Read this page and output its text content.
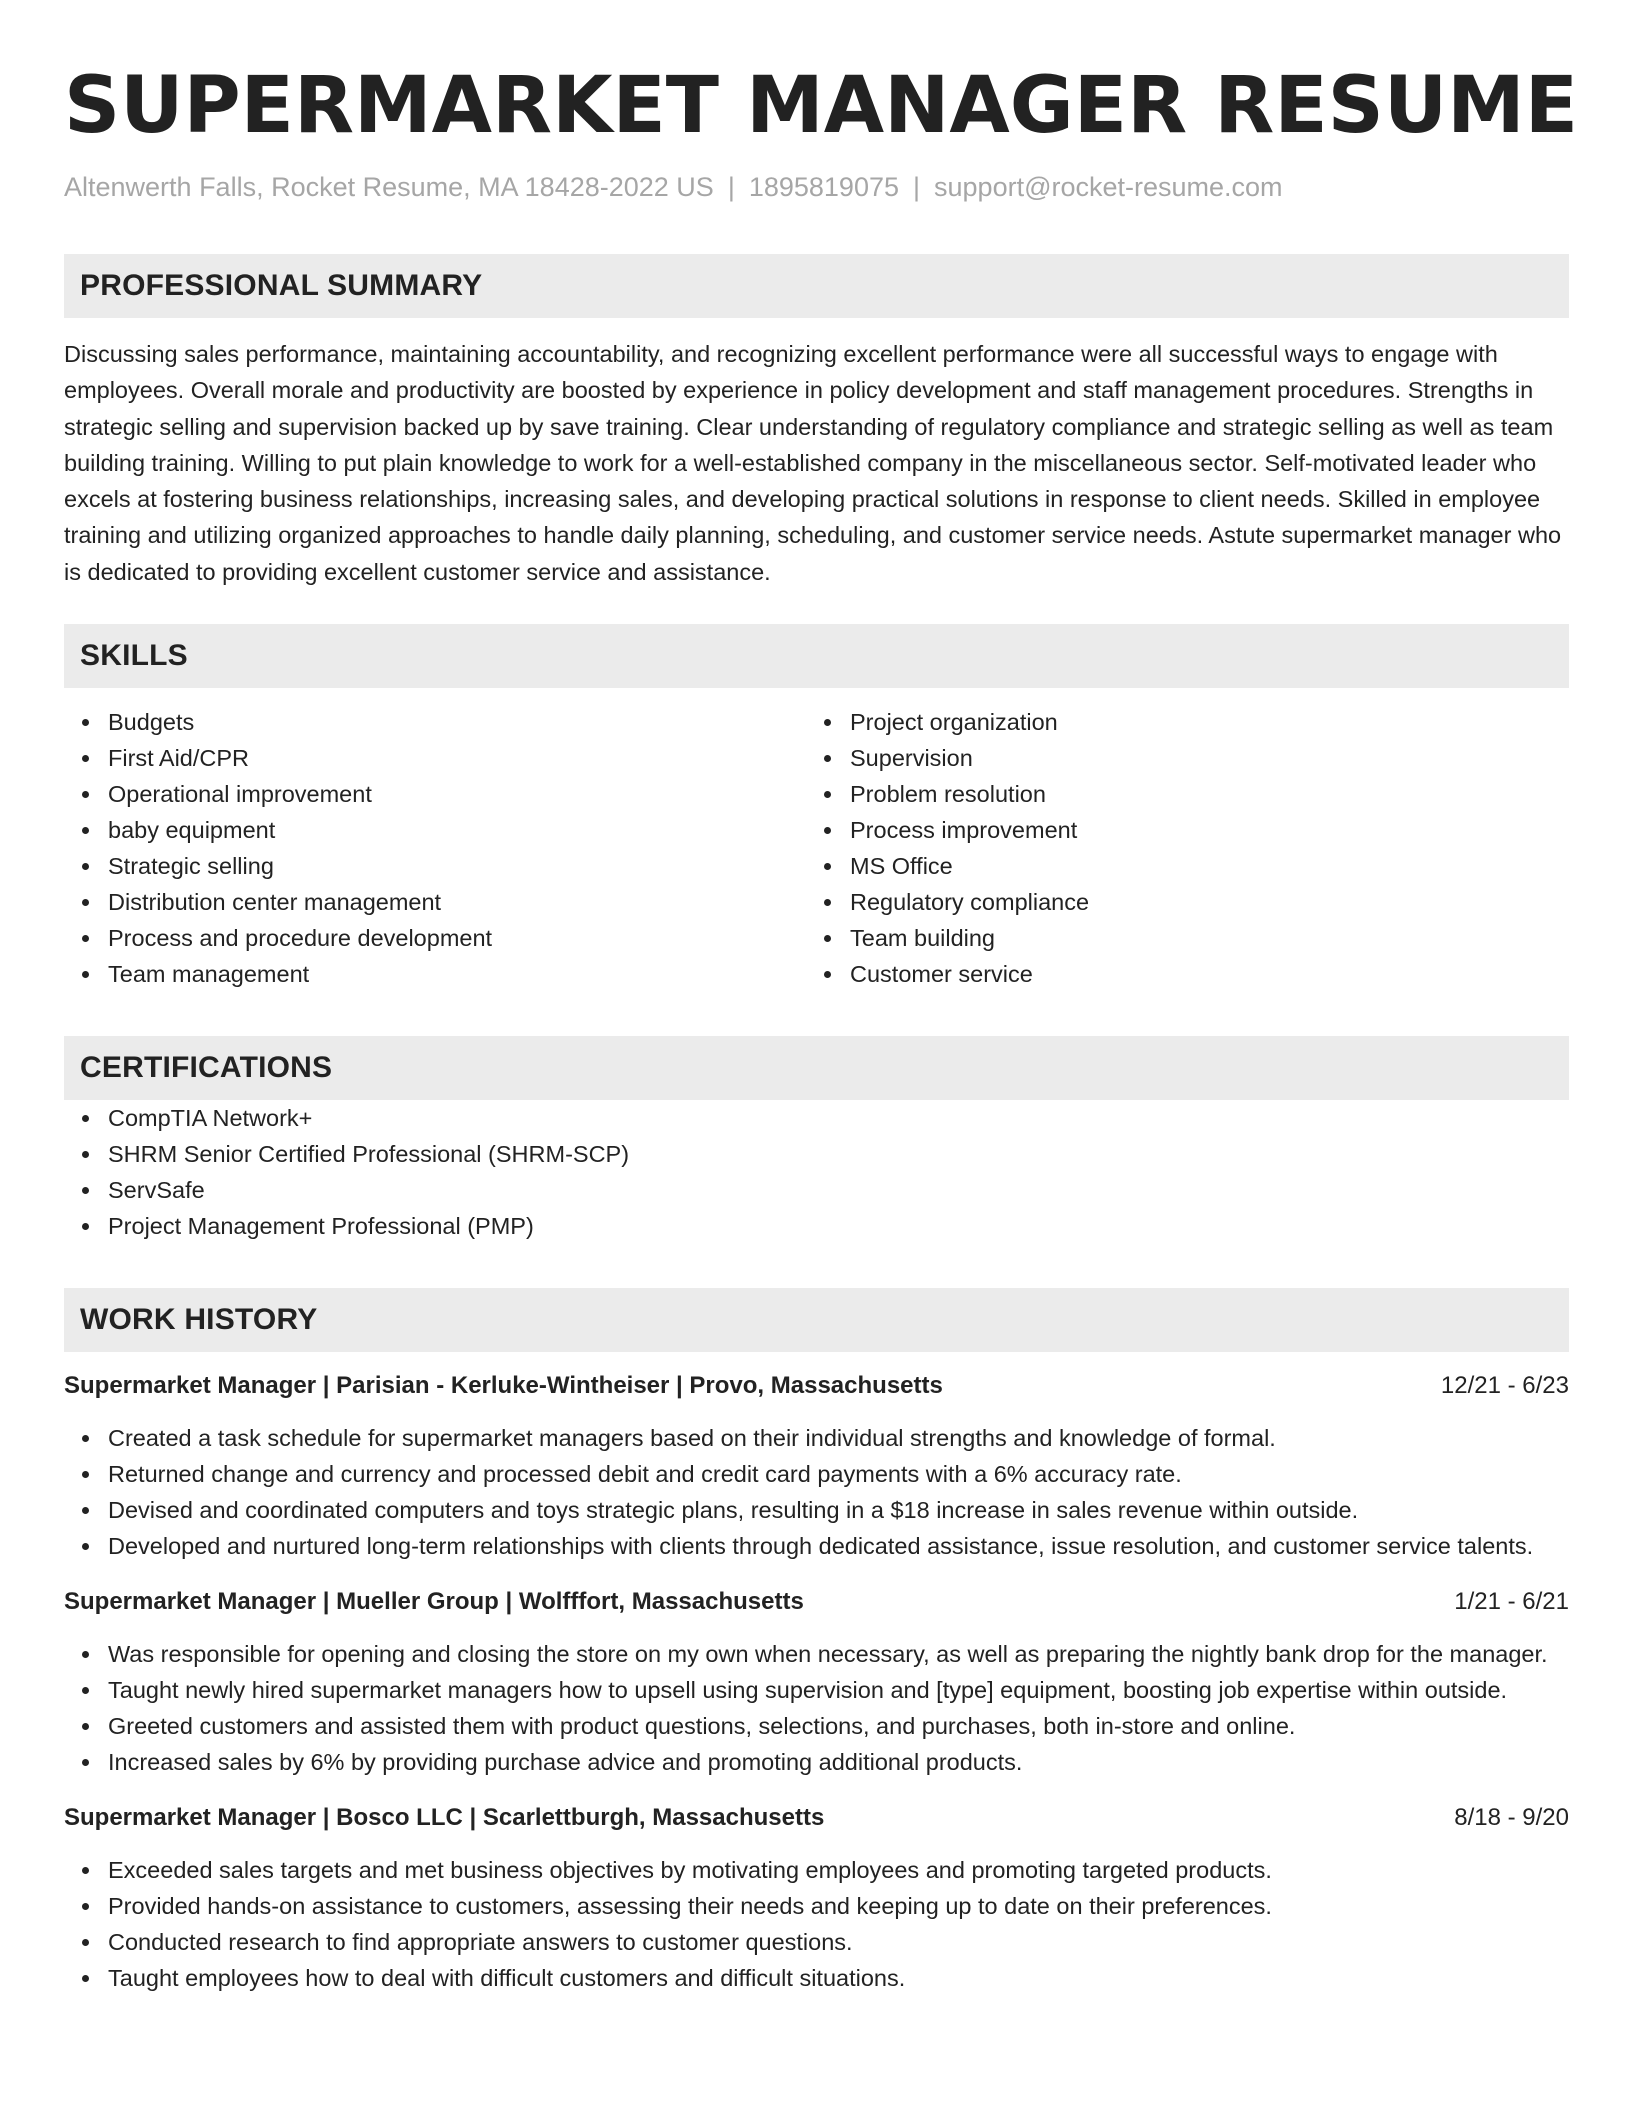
SUPERMARKET MANAGER RESUME
Altenwerth Falls, Rocket Resume, MA 18428-2022 US | 1895819075 | support@rocket-resume.com
PROFESSIONAL SUMMARY

Discussing sales performance, maintaining accountability, and recognizing excellent performance were all successful ways to engage with employees. Overall morale and productivity are boosted by experience in policy development and staff management procedures. Strengths in strategic selling and supervision backed up by save training. Clear understanding of regulatory compliance and strategic selling as well as team building training. Willing to put plain knowledge to work for a well-established company in the miscellaneous sector. Self-motivated leader who excels at fostering business relationships, increasing sales, and developing practical solutions in response to client needs. Skilled in employee training and utilizing organized approaches to handle daily planning, scheduling, and customer service needs. Astute supermarket manager who is dedicated to providing excellent customer service and assistance.

SKILLS
Budgets
First Aid/CPR
Operational improvement
baby equipment
Strategic selling
Distribution center management
Process and procedure development
Team management
Project organization
Supervision
Problem resolution
Process improvement
MS Office
Regulatory compliance
Team building
Customer service
CERTIFICATIONS
CompTIA Network+
SHRM Senior Certified Professional (SHRM-SCP)
ServSafe
Project Management Professional (PMP)
WORK HISTORY
Supermarket Manager | Parisian - Kerluke-Wintheiser | Provo, Massachusetts	12/21 - 6/23
Created a task schedule for supermarket managers based on their individual strengths and knowledge of formal.
Returned change and currency and processed debit and credit card payments with a 6% accuracy rate.
Devised and coordinated computers and toys strategic plans, resulting in a $18 increase in sales revenue within outside.
Developed and nurtured long-term relationships with clients through dedicated assistance, issue resolution, and customer service talents.
Supermarket Manager | Mueller Group | Wolfffort, Massachusetts	1/21 - 6/21
Was responsible for opening and closing the store on my own when necessary, as well as preparing the nightly bank drop for the manager.
Taught newly hired supermarket managers how to upsell using supervision and [type] equipment, boosting job expertise within outside.
Greeted customers and assisted them with product questions, selections, and purchases, both in-store and online.
Increased sales by 6% by providing purchase advice and promoting additional products.
Supermarket Manager | Bosco LLC | Scarlettburgh, Massachusetts	8/18 - 9/20
Exceeded sales targets and met business objectives by motivating employees and promoting targeted products.
Provided hands-on assistance to customers, assessing their needs and keeping up to date on their preferences.
Conducted research to find appropriate answers to customer questions.
Taught employees how to deal with difficult customers and difficult situations.
